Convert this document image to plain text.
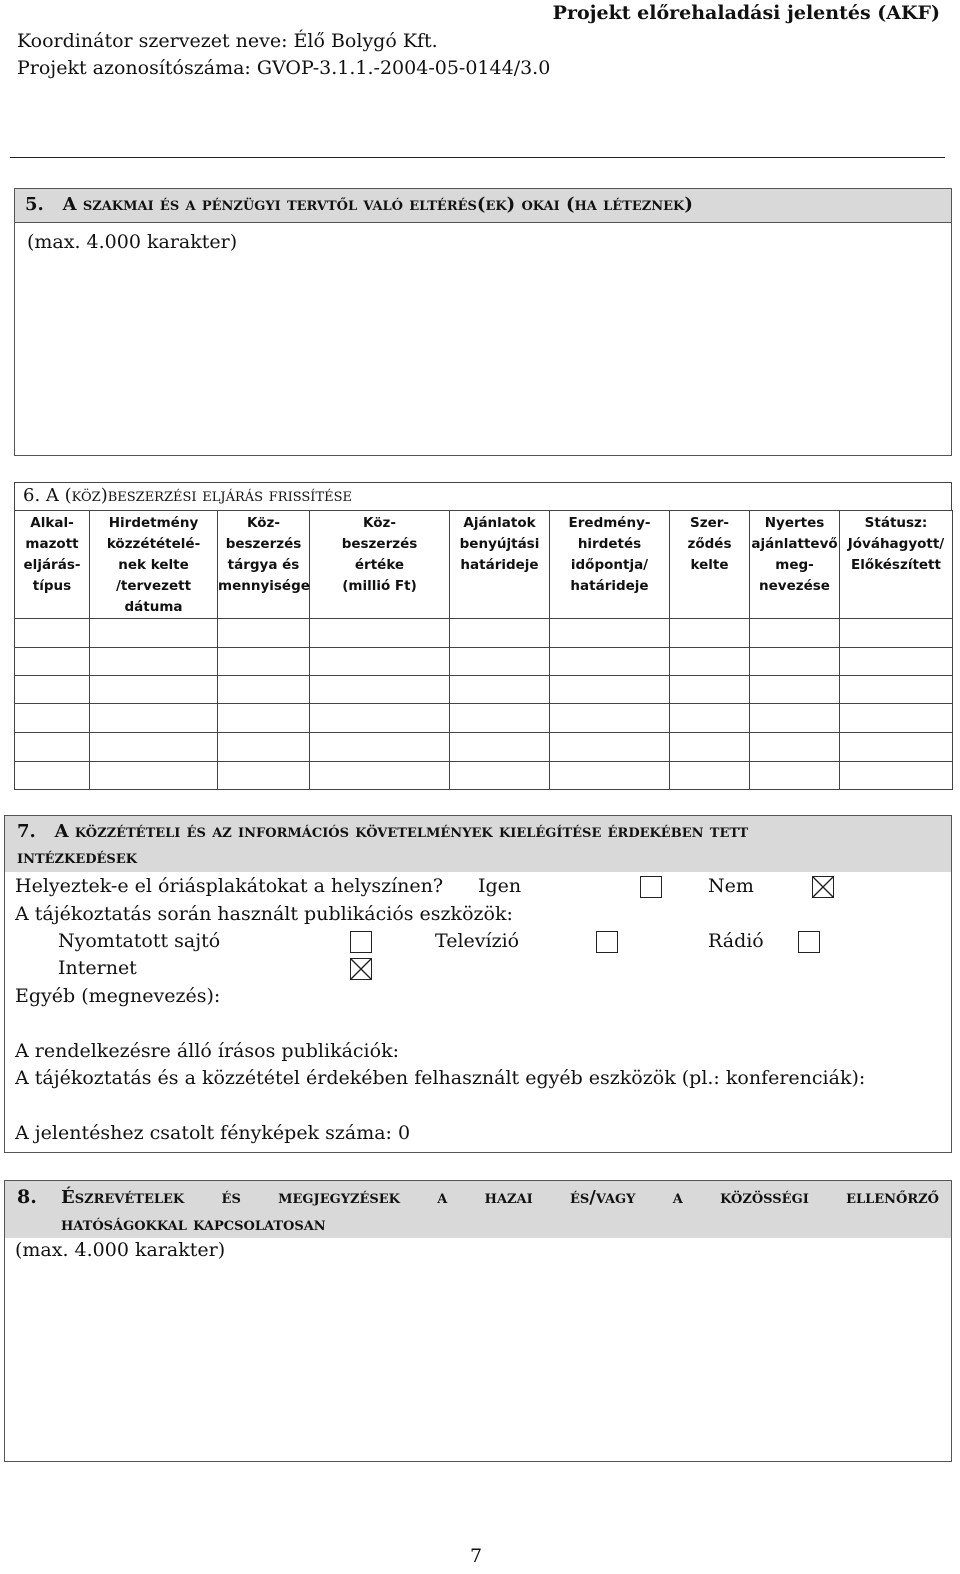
Projekt előrehaladási jelentés (AKF)
Koordinátor szervezet neve: Élő Bolygó Kft.
Projekt azonosítószáma: GVOP-3.1.1.-2004-05-0144/3.0
5.   A szakmai és a pénzügyi tervtől való eltérés(ek) okai (ha léteznek)
(max. 4.000 karakter)
6. A (köz)beszerzési eljárás frissítése
Alkal-
mazott
eljárás-
típus	Hirdetmény
közzétételé-
nek kelte
/tervezett
dátuma	Köz-
beszerzés
tárgya és
mennyisége	Köz-
beszerzés
értéke
(millió Ft)	Ajánlatok
benyújtási
határideje	Eredmény-
hirdetés
időpontja/
határideje	Szer-ződés
kelte	Nyertes
ajánlattevő
meg-
nevezése	Státusz:
Jóváhagyott/
Előkészített

7.   A közzétételi és az információs követelmények kielégítése érdekében tett
intézkedések
Helyeztek-e el óriásplakátokat a helyszínen? Igen	Nem
A tájékoztatás során használt publikációs eszközök:
Nyomtatott sajtó	Televízió	Rádió
Internet
Egyéb (megnevezés):
A rendelkezésre álló írásos publikációk:
A tájékoztatás és a közzététel érdekében felhasznált egyéb eszközök (pl.: konferenciák):
A jelentéshez csatolt fényképek száma: 0
8. Észrevételek és megjegyzések a hazai és/vagy a közösségi ellenőrző
hatóságokkal kapcsolatosan
(max. 4.000 karakter)
7
